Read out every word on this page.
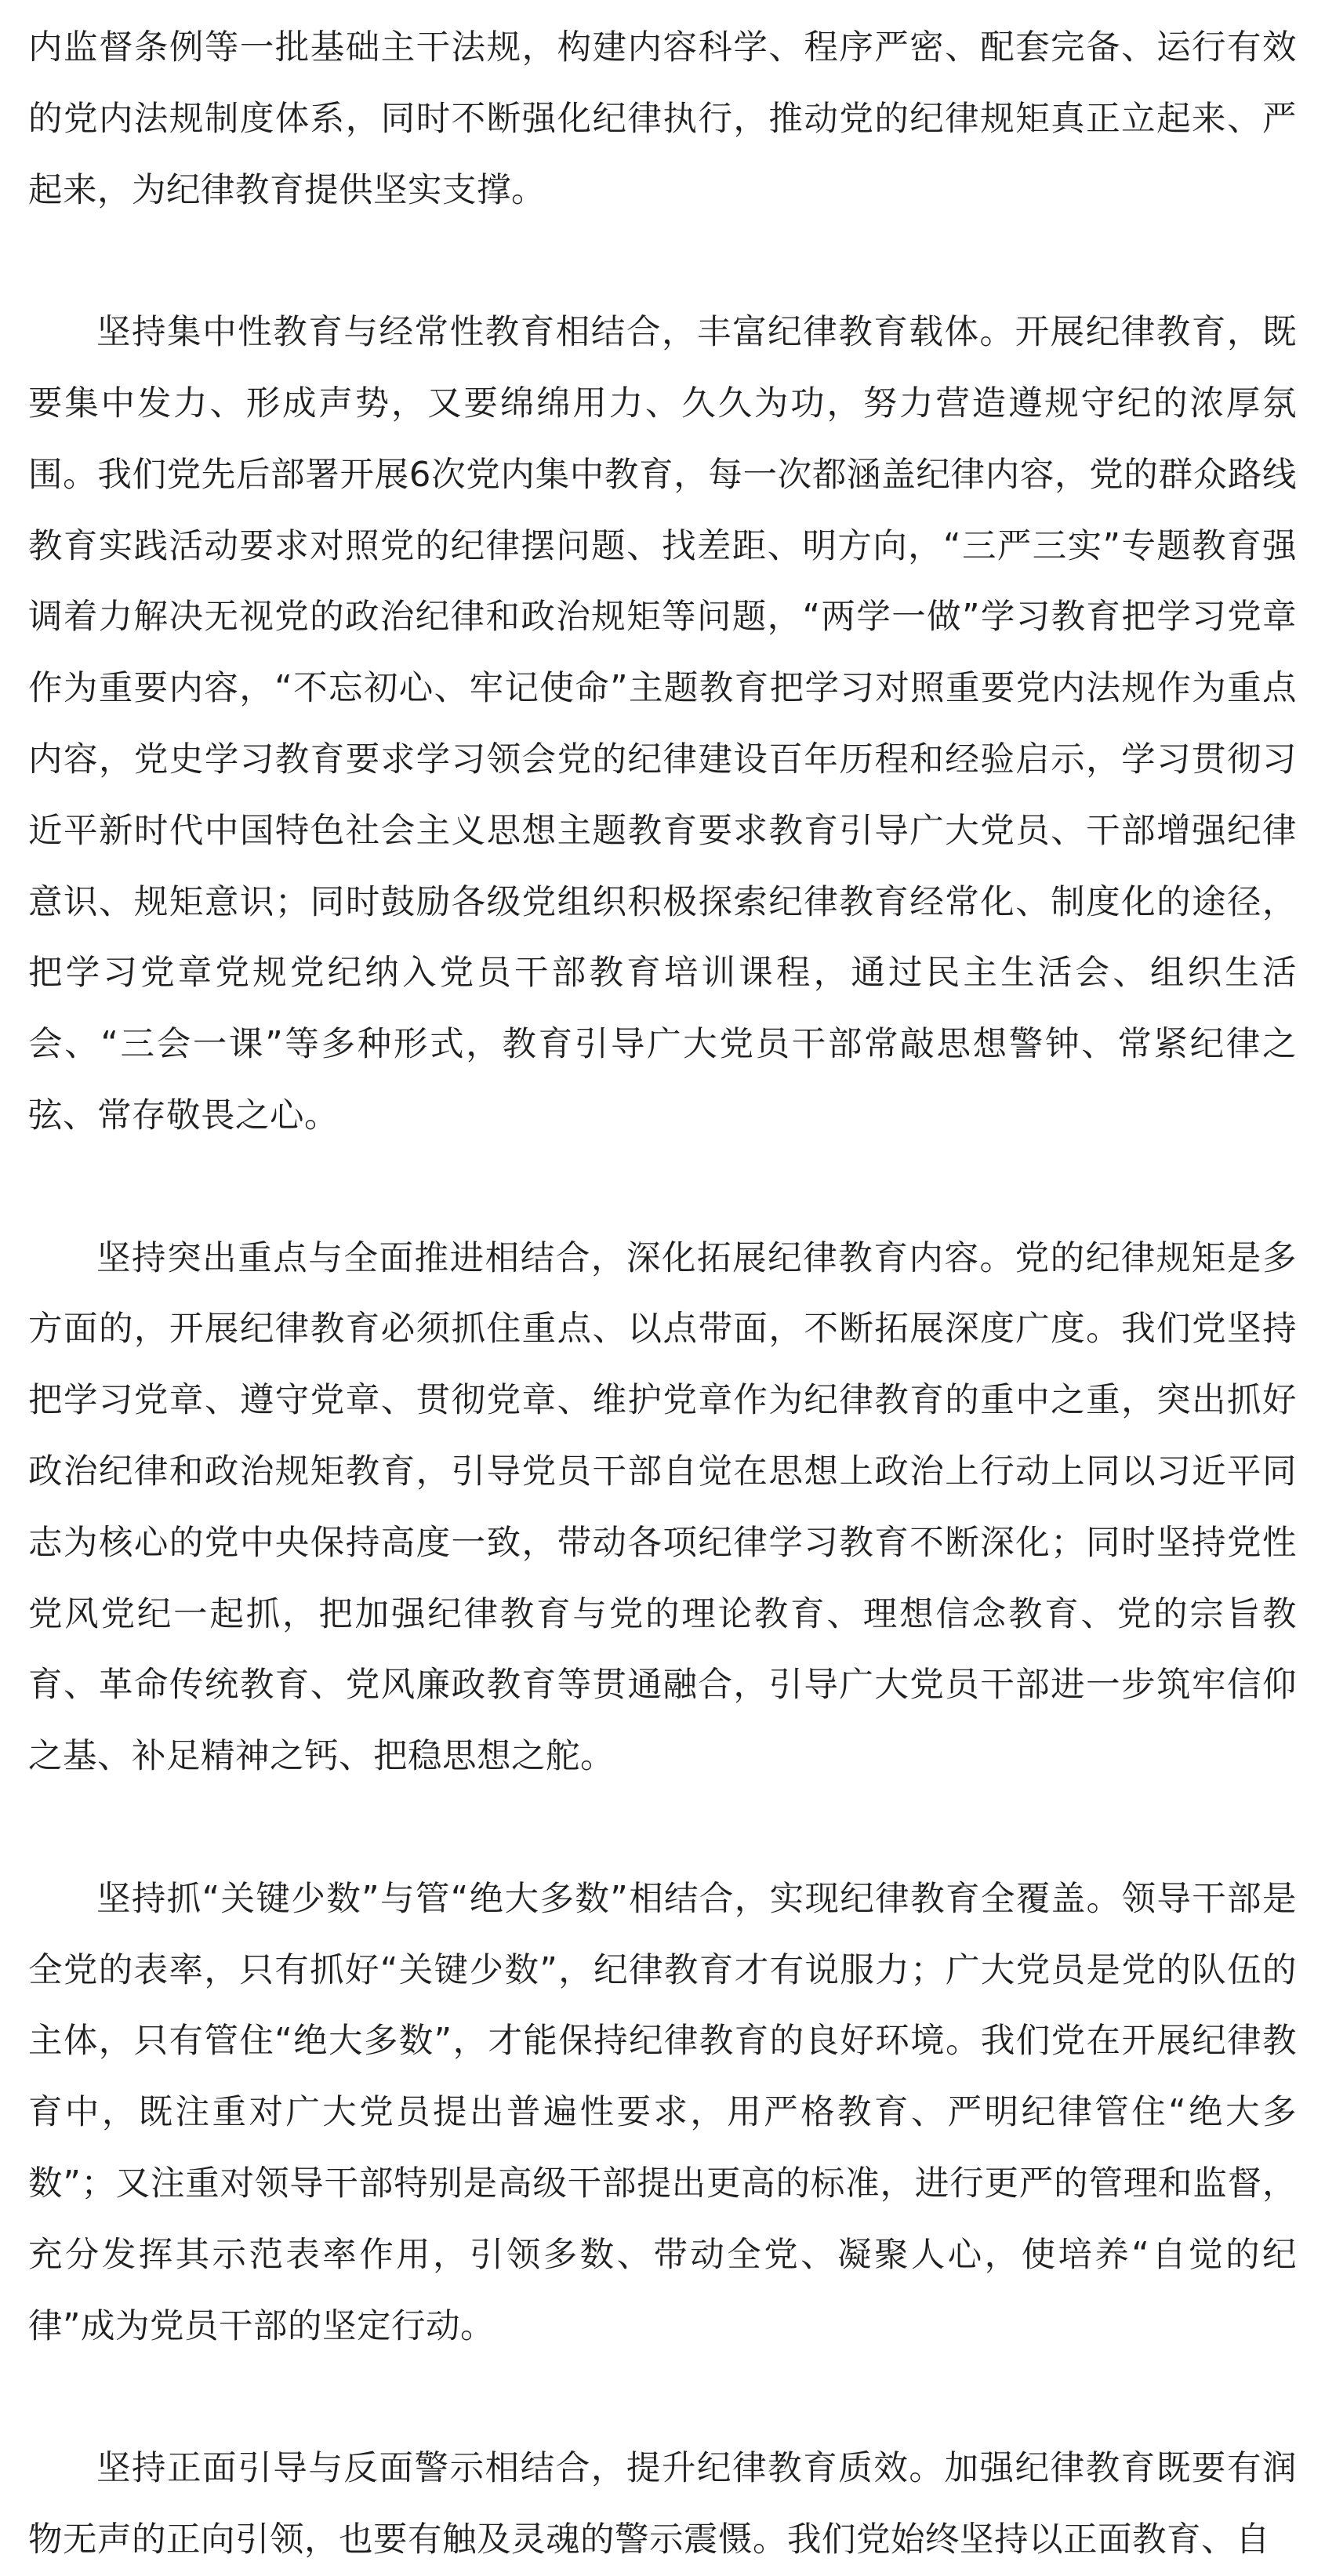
内监督条例等一批基础主干法规，构建内容科学、程序严密、配套完备、运行有效的党内法规制度体系，同时不断强化纪律执行，推动党的纪律规矩真正立起来、严起来，为纪律教育提供坚实支撑。

坚持集中性教育与经常性教育相结合，丰富纪律教育载体。开展纪律教育，既要集中发力、形成声势，又要绵绵用力、久久为功，努力营造遵规守纪的浓厚氛围。我们党先后部署开展6次党内集中教育，每一次都涵盖纪律内容，党的群众路线教育实践活动要求对照党的纪律摆问题、找差距、明方向，“三严三实”专题教育强调着力解决无视党的政治纪律和政治规矩等问题，“两学一做”学习教育把学习党章作为重要内容，“不忘初心、牢记使命”主题教育把学习对照重要党内法规作为重点内容，党史学习教育要求学习领会党的纪律建设百年历程和经验启示，学习贯彻习近平新时代中国特色社会主义思想主题教育要求教育引导广大党员、干部增强纪律意识、规矩意识；同时鼓励各级党组织积极探索纪律教育经常化、制度化的途径，把学习党章党规党纪纳入党员干部教育培训课程，通过民主生活会、组织生活会、“三会一课”等多种形式，教育引导广大党员干部常敲思想警钟、常紧纪律之弦、常存敬畏之心。

坚持突出重点与全面推进相结合，深化拓展纪律教育内容。党的纪律规矩是多方面的，开展纪律教育必须抓住重点、以点带面，不断拓展深度广度。我们党坚持把学习党章、遵守党章、贯彻党章、维护党章作为纪律教育的重中之重，突出抓好政治纪律和政治规矩教育，引导党员干部自觉在思想上政治上行动上同以习近平同志为核心的党中央保持高度一致，带动各项纪律学习教育不断深化；同时坚持党性党风党纪一起抓，把加强纪律教育与党的理论教育、理想信念教育、党的宗旨教育、革命传统教育、党风廉政教育等贯通融合，引导广大党员干部进一步筑牢信仰之基、补足精神之钙、把稳思想之舵。

坚持抓“关键少数”与管“绝大多数”相结合，实现纪律教育全覆盖。领导干部是全党的表率，只有抓好“关键少数”，纪律教育才有说服力；广大党员是党的队伍的主体，只有管住“绝大多数”，才能保持纪律教育的良好环境。我们党在开展纪律教育中，既注重对广大党员提出普遍性要求，用严格教育、严明纪律管住“绝大多数”；又注重对领导干部特别是高级干部提出更高的标准，进行更严的管理和监督，充分发挥其示范表率作用，引领多数、带动全党、凝聚人心，使培养“自觉的纪律”成为党员干部的坚定行动。

坚持正面引导与反面警示相结合，提升纪律教育质效。加强纪律教育既要有润物无声的正向引领，也要有触及灵魂的警示震慑。我们党始终坚持以正面教育、自
